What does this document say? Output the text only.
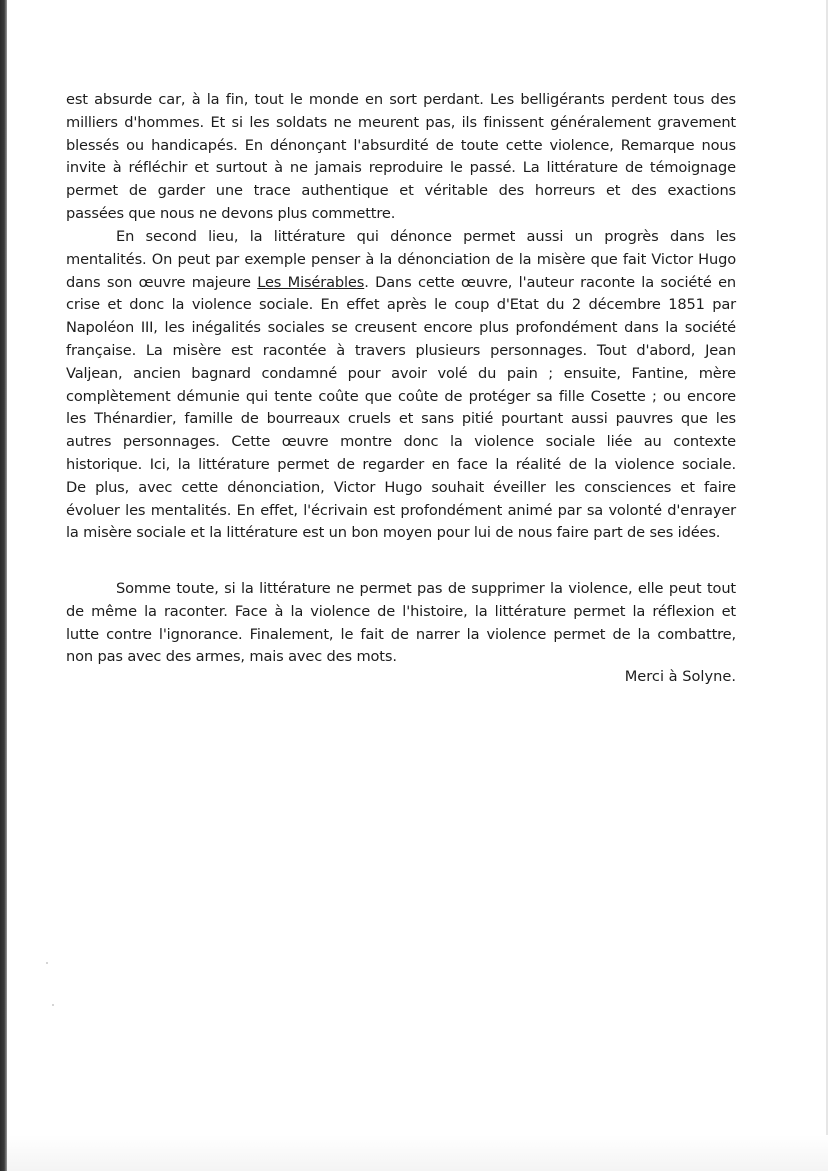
est absurde car, à la fin, tout le monde en sort perdant. Les belligérants perdent tous des
milliers d'hommes. Et si les soldats ne meurent pas, ils finissent généralement gravement
blessés ou handicapés. En dénonçant l'absurdité de toute cette violence, Remarque nous
invite à réfléchir et surtout à ne jamais reproduire le passé. La littérature de témoignage
permet de garder une trace authentique et véritable des horreurs et des exactions
passées que nous ne devons plus commettre.
En second lieu, la littérature qui dénonce permet aussi un progrès dans les
mentalités. On peut par exemple penser à la dénonciation de la misère que fait Victor Hugo
dans son œuvre majeure Les Misérables. Dans cette œuvre, l'auteur raconte la société en
crise et donc la violence sociale. En effet après le coup d'Etat du 2 décembre 1851 par
Napoléon III, les inégalités sociales se creusent encore plus profondément dans la société
française. La misère est racontée à travers plusieurs personnages. Tout d'abord, Jean
Valjean, ancien bagnard condamné pour avoir volé du pain ; ensuite, Fantine, mère
complètement démunie qui tente coûte que coûte de protéger sa fille Cosette ; ou encore
les Thénardier, famille de bourreaux cruels et sans pitié pourtant aussi pauvres que les
autres personnages. Cette œuvre montre donc la violence sociale liée au contexte
historique. Ici, la littérature permet de regarder en face la réalité de la violence sociale.
De plus, avec cette dénonciation, Victor Hugo souhait éveiller les consciences et faire
évoluer les mentalités. En effet, l'écrivain est profondément animé par sa volonté d'enrayer
la misère sociale et la littérature est un bon moyen pour lui de nous faire part de ses idées.
Somme toute, si la littérature ne permet pas de supprimer la violence, elle peut tout
de même la raconter. Face à la violence de l'histoire, la littérature permet la réflexion et
lutte contre l'ignorance. Finalement, le fait de narrer la violence permet de la combattre,
non pas avec des armes, mais avec des mots.
Merci à Solyne.
